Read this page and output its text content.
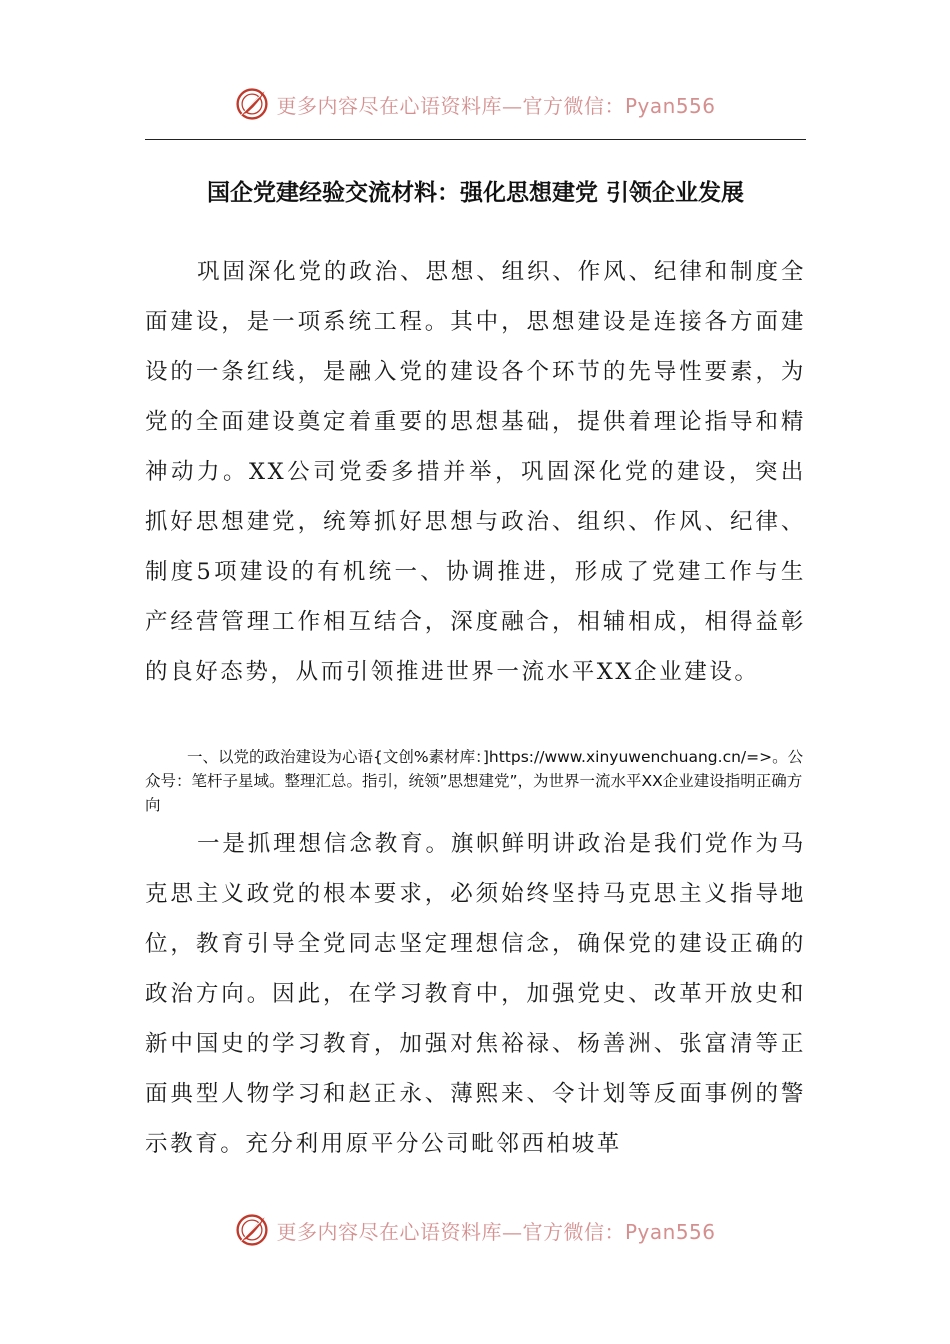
更多内容尽在心语资料库—官方微信：Pyan556
国企党建经验交流材料：强化思想建党 引领企业发展

巩固深化党的政治、思想、组织、作风、纪律和制度全面建设，是一项系统工程。其中，思想建设是连接各方面建设的一条红线，是融入党的建设各个环节的先导性要素，为党的全面建设奠定着重要的思想基础，提供着理论指导和精神动力。XX公司党委多措并举，巩固深化党的建设，突出抓好思想建党，统筹抓好思想与政治、组织、作风、纪律、制度5项建设的有机统一、协调推进，形成了党建工作与生产经营管理工作相互结合，深度融合，相辅相成，相得益彰的良好态势，从而引领推进世界一流水平XX企业建设。

一、以党的政治建设为心语{文创%素材库：]https://www.xinyuwenchuang.cn/=>。公众号：笔杆子星域。整理汇总。指引，统领”思想建党”，为世界一流水平XX企业建设指明正确方向

一是抓理想信念教育。旗帜鲜明讲政治是我们党作为马克思主义政党的根本要求，必须始终坚持马克思主义指导地位，教育引导全党同志坚定理想信念，确保党的建设正确的政治方向。因此，在学习教育中，加强党史、改革开放史和新中国史的学习教育，加强对焦裕禄、杨善洲、张富清等正面典型人物学习和赵正永、薄熙来、令计划等反面事例的警示教育。充分利用原平分公司毗邻西柏坡革

更多内容尽在心语资料库—官方微信：Pyan556
